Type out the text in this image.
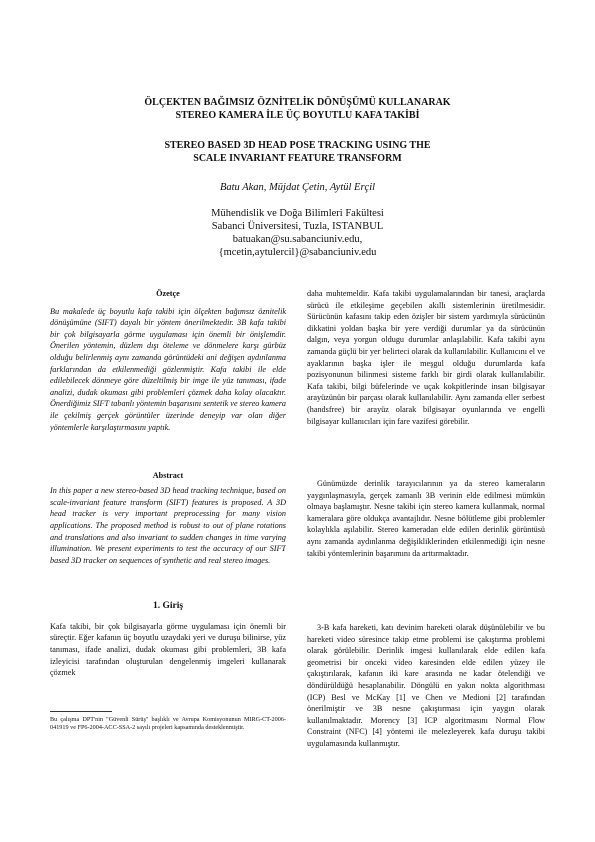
ÖLÇEKTEN BAĞIMSIZ ÖZNİTELİK DÖNÜŞÜMÜ KULLANARAK
STEREO KAMERA İLE ÜÇ BOYUTLU KAFA TAKİBİ
STEREO BASED 3D HEAD POSE TRACKING USING THE
SCALE INVARIANT FEATURE TRANSFORM
Batu Akan, Müjdat Çetin, Aytül Erçil
Mühendislik ve Doğa Bilimleri Fakültesi
Sabanci Üniversitesi, Tuzla, ISTANBUL
batuakan@su.sabanciuniv.edu,
{mcetin,aytulercil}@sabanciuniv.edu

Özetçe

Bu makalede üç boyutlu kafa takibi için ölçekten bağımsız öznitelik dönüşümüne (SIFT) dayalı bir yöntem önerilmektedir. 3B kafa takibi bir çok bilgisayarla görme uygulaması için önemli bir önişlemdir. Önerilen yöntemin, düzlem dışı öteleme ve dönmelere karşı gürbüz olduğu belirlenmiş aynı zamanda görüntüdeki ani değişen aydınlanma farklarından da etkilenmediği gözlenmiştir. Kafa takibi ile elde edilebilecek dönmeye göre düzeltilmiş bir imge ile yüz tanıması, ifade analizi, dudak okuması gibi problemleri çözmek daha kolay olacaktır. Önerdiğimiz SIFT tabanlı yöntemin başarısını sentetik ve stereo kamera ile çekilmiş gerçek görüntüler üzerinde deneyip var olan diğer yöntemlerle karşılaştırmasını yaptık.

Abstract

In this paper a new stereo-based 3D head tracking technique, based on scale-invariant feature transform (SIFT) features is proposed. A 3D head tracker is very important preprocessing for many vision applications. The proposed method is robust to out of plane rotations and translations and also invariant to sudden changes in time varying illumination. We present experiments to test the accuracy of our SIFT based 3D tracker on sequences of synthetic and real stereo images.

1. Giriş

Kafa takibi, bir çok bilgisayarla görme uygulaması için önemli bir süreçtir. Eğer kafanın üç boyutlu uzaydaki yeri ve duruşu bilinirse, yüz tanıması, ifade analizi, dudak okuması gibi problemleri, 3B kafa izleyicisi tarafından oluşturulan dengelenmiş imgeleri kullanarak çözmek

Bu çalışma DPT'nin "Güvenli Sürüş" başlıklı ve Avrupa Komisyonunun MIRG-CT-2006-041919 ve FP6-2004-ACC-SSA-2 sayılı projeleri kapsamında desteklenmiştir.

daha muhtemeldir. Kafa takibi uygulamalarından bir tanesi, araçlarda sürücü ile etkileşime geçebilen akıllı sistemlerinin üretilmesidir. Sürücünün kafasını takip eden özişler bir sistem yardımıyla sürücünün dikkatini yoldan başka bir yere verdiği durumlar ya da sürücünün dalgın, veya yorgun oldugu durumlar anlaşılabilir. Kafa takibi aynı zamanda güçlü bir yer belirteci olarak da kullanılabilir. Kullanıcını el ve ayaklarının başka işler ile meşgul olduğu durumlarda kafa pozisyonunun bilinmesi sisteme farklı bir girdi olarak kullanılabilir. Kafa takibi, bilgi büfelerinde ve uçak kokpitlerinde insan bilgisayar arayüzünün bir parçası olarak kullanılabilir. Aynı zamanda eller serbest (handsfree) bir arayüz olarak bilgisayar oyunlarında ve engelli bilgisayar kullanıcıları için fare vazifesi görebilir.

Günümüzde derinlik tarayıcılarının ya da stereo kameraların yaygınlaşmasıyla, gerçek zamanlı 3B verinin elde edilmesi mümkün olmaya başlamıştır. Nesne takibi için stereo kamera kullanmak, normal kameralara göre oldukça avantajlıdır. Nesne bölütleme gibi problemler kolaylıkla aşılabilir. Stereo kameradan elde edilen derinlik görüntüsü aynı zamanda aydınlanma değişikliklerinden etkilenmediği için nesne takibi yöntemlerinin başarımını da arttırmaktadır.

3-B kafa hareketi, katı devinim hareketi olarak düşünülebilir ve bu hareketi video süresince takip etme problemi ise çakıştırma problemi olarak görülebilir. Derinlik imgesi kullanılarak elde edilen kafa geometrisi bir onceki video karesinden elde edilen yüzey ile çakıştırılarak, kafanın iki kare arasında ne kadar ötelendiği ve döndürüldüğü hesaplanabilir. Döngülü en yakın nokta algorithması (ICP) Besl ve McKay [1] ve Chen ve Medioni [2] tarafından önerilmiştir ve 3B nesne çakıştırması için yaygın olarak kullanılmaktadır. Morency [3] ICP algoritmasını Normal Flow Constraint (NFC) [4] yöntemi ile melezleyerek kafa duruşu takibi uygulamasında kullanmıştır.
